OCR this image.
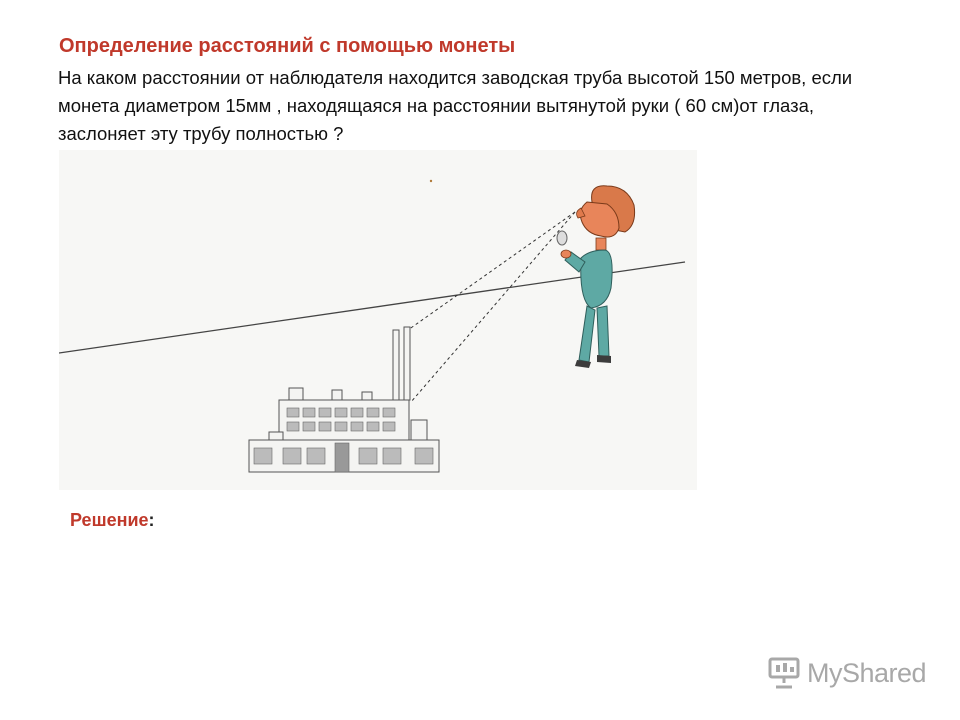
Определение расстояний с помощью монеты

На каком расстоянии от наблюдателя находится заводская труба высотой 150 метров, если монета диаметром 15мм , находящаяся на расстоянии вытянутой руки ( 60 см)от глаза, заслоняет эту трубу полностью ?

Решение:

MyShared
